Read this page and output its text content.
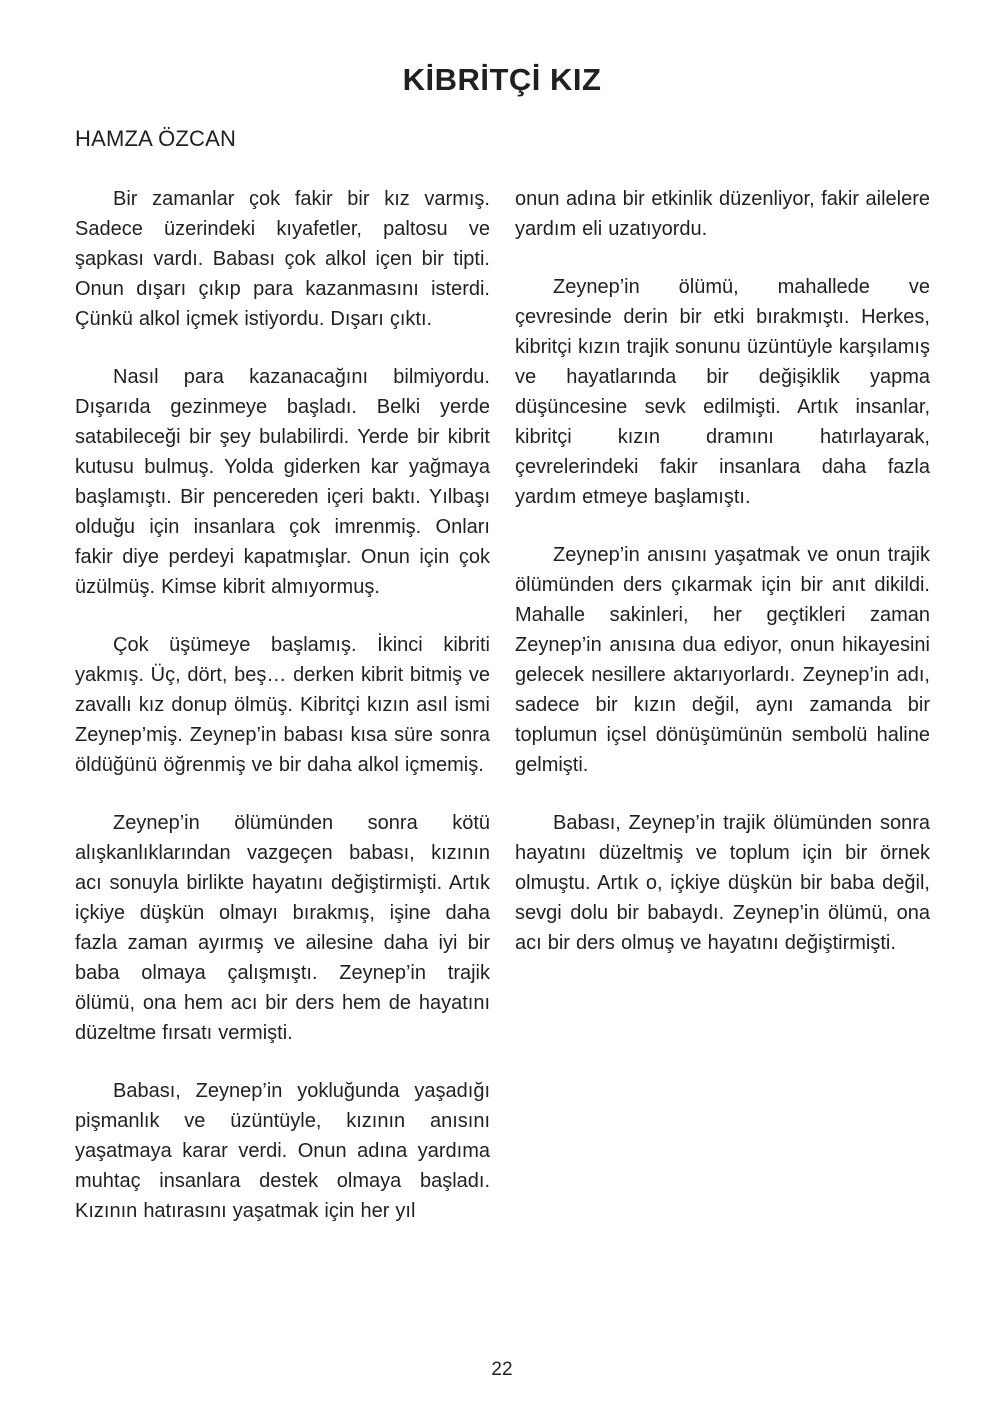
KİBRİTÇİ KIZ
HAMZA ÖZCAN

Bir zamanlar çok fakir bir kız varmış. Sadece üzerindeki kıyafetler, paltosu ve şapkası vardı. Babası çok alkol içen bir tipti. Onun dışarı çıkıp para kazanmasını isterdi. Çünkü alkol içmek istiyordu. Dışarı çıktı.

Nasıl para kazanacağını bilmiyordu. Dışarıda gezinmeye başladı. Belki yerde satabileceği bir şey bulabilirdi. Yerde bir kibrit kutusu bulmuş. Yolda giderken kar yağmaya başlamıştı. Bir pencereden içeri baktı. Yılbaşı olduğu için insanlara çok imrenmiş. Onları fakir diye perdeyi kapatmışlar. Onun için çok üzülmüş. Kimse kibrit almıyormuş.

Çok üşümeye başlamış. İkinci kibriti yakmış. Üç, dört, beş… derken kibrit bitmiş ve zavallı kız donup ölmüş. Kibritçi kızın asıl ismi Zeynep’miş. Zeynep’in babası kısa süre sonra öldüğünü öğrenmiş ve bir daha alkol içmemiş.

Zeynep’in ölümünden sonra kötü alışkanlıklarından vazgeçen babası, kızının acı sonuyla birlikte hayatını değiştirmişti. Artık içkiye düşkün olmayı bırakmış, işine daha fazla zaman ayırmış ve ailesine daha iyi bir baba olmaya çalışmıştı. Zeynep’in trajik ölümü, ona hem acı bir ders hem de hayatını düzeltme fırsatı vermişti.

Babası, Zeynep’in yokluğunda yaşadığı pişmanlık ve üzüntüyle, kızının anısını yaşatmaya karar verdi. Onun adına yardıma muhtaç insanlara destek olmaya başladı. Kızının hatırasını yaşatmak için her yıl

onun adına bir etkinlik düzenliyor, fakir ailelere yardım eli uzatıyordu.

Zeynep’in ölümü, mahallede ve çevresinde derin bir etki bırakmıştı. Herkes, kibritçi kızın trajik sonunu üzüntüyle karşılamış ve hayatlarında bir değişiklik yapma düşüncesine sevk edilmişti. Artık insanlar, kibritçi kızın dramını hatırlayarak, çevrelerindeki fakir insanlara daha fazla yardım etmeye başlamıştı.

Zeynep’in anısını yaşatmak ve onun trajik ölümünden ders çıkarmak için bir anıt dikildi. Mahalle sakinleri, her geçtikleri zaman Zeynep’in anısına dua ediyor, onun hikayesini gelecek nesillere aktarıyorlardı. Zeynep’in adı, sadece bir kızın değil, aynı zamanda bir toplumun içsel dönüşümünün sembolü haline gelmişti.

Babası, Zeynep’in trajik ölümünden sonra hayatını düzeltmiş ve toplum için bir örnek olmuştu. Artık o, içkiye düşkün bir baba değil, sevgi dolu bir babaydı. Zeynep’in ölümü, ona acı bir ders olmuş ve hayatını değiştirmişti.

22
